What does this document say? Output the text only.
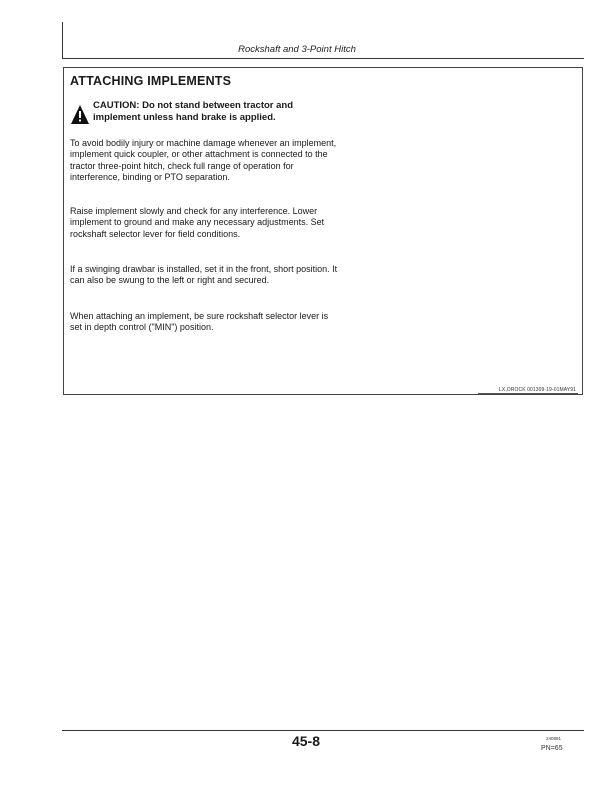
Rockshaft and 3-Point Hitch
ATTACHING IMPLEMENTS
CAUTION: Do not stand between tractor and implement unless hand brake is applied.

To avoid bodily injury or machine damage whenever an implement, implement quick coupler, or other attachment is connected to the tractor three-point hitch, check full range of operation for interference, binding or PTO separation.

Raise implement slowly and check for any interference. Lower implement to ground and make any necessary adjustments. Set rockshaft selector lever for field conditions.

If a swinging drawbar is installed, set it in the front, short position. It can also be swung to the left or right and secured.

When attaching an implement, be sure rockshaft selector lever is set in depth control ("MIN") position.

LX,OROCK 001309-19-01MAY91
45-8	240891
PN=65
